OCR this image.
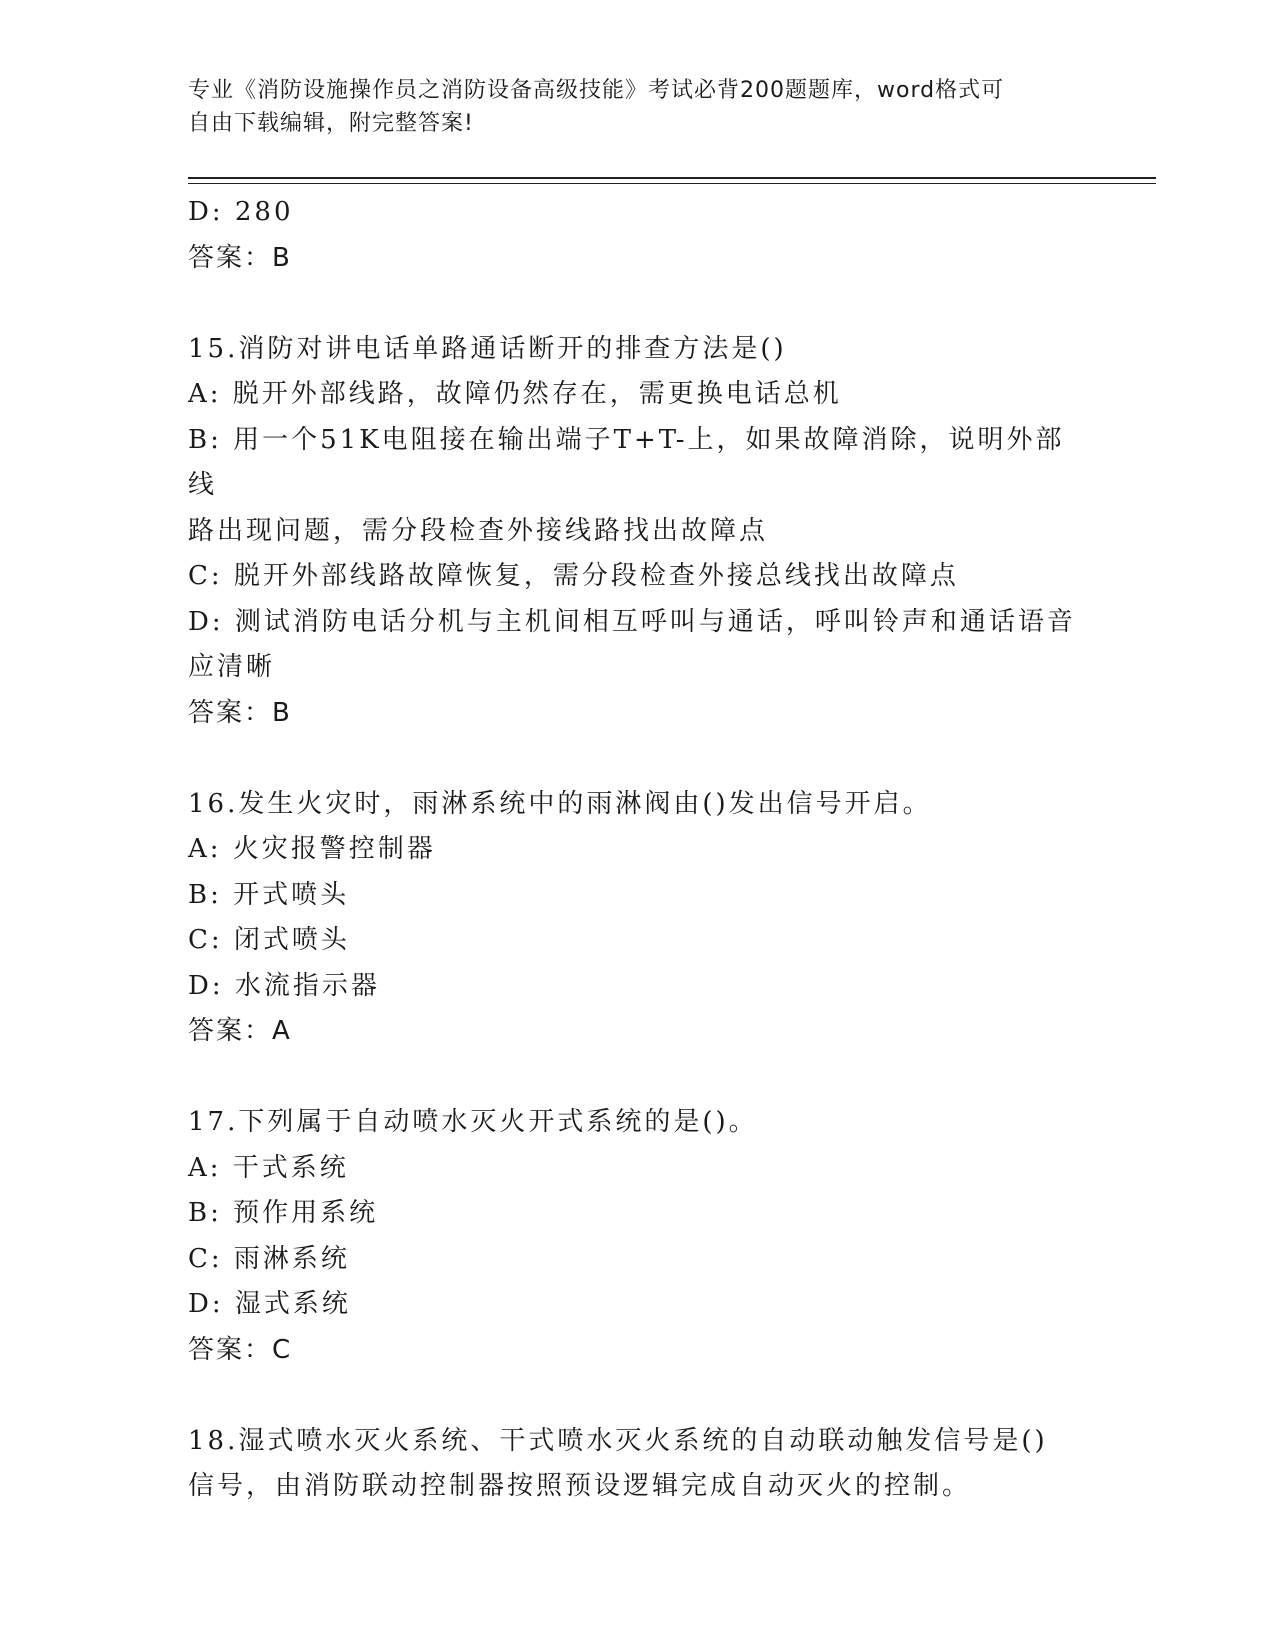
专业《消防设施操作员之消防设备高级技能》考试必背200题题库，word格式可
自由下载编辑，附完整答案!
D: 280
答案：B
15.消防对讲电话单路通话断开的排查方法是()
A: 脱开外部线路，故障仍然存在，需更换电话总机
B: 用一个51K电阻接在输出端子T+T-上，如果故障消除，说明外部线
路出现问题，需分段检查外接线路找出故障点
C: 脱开外部线路故障恢复，需分段检查外接总线找出故障点
D: 测试消防电话分机与主机间相互呼叫与通话，呼叫铃声和通话语音
应清晰
答案：B
16.发生火灾时，雨淋系统中的雨淋阀由()发出信号开启。
A: 火灾报警控制器
B: 开式喷头
C: 闭式喷头
D: 水流指示器
答案：A
17.下列属于自动喷水灭火开式系统的是()。
A: 干式系统
B: 预作用系统
C: 雨淋系统
D: 湿式系统
答案：C
18.湿式喷水灭火系统、干式喷水灭火系统的自动联动触发信号是()
信号，由消防联动控制器按照预设逻辑完成自动灭火的控制。
